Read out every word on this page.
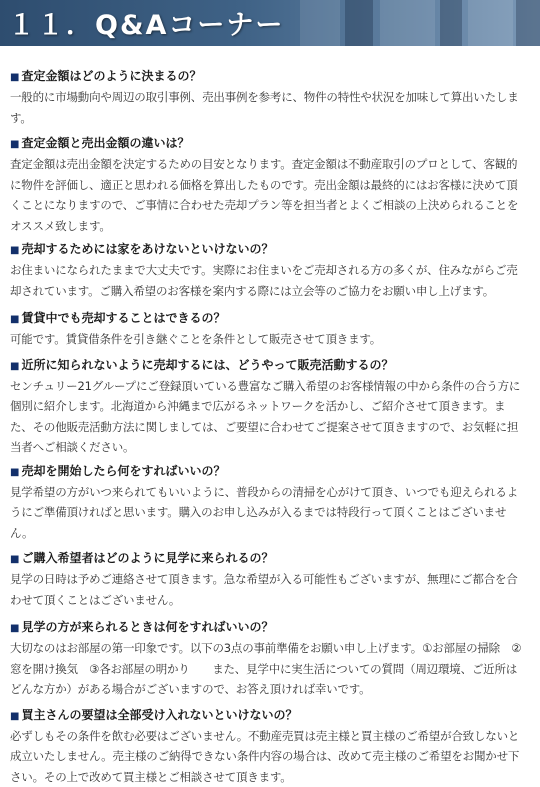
１１．Q&Aコーナー
■ 査定金額はどのように決まるの？
一般的に市場動向や周辺の取引事例、売出事例を参考に、物件の特性や状況を加味して算出いたします。
■ 査定金額と売出金額の違いは？
査定金額は売出金額を決定するための目安となります。査定金額は不動産取引のプロとして、客観的に物件を評価し、適正と思われる価格を算出したものです。売出金額は最終的にはお客様に決めて頂くことになりますので、ご事情に合わせた売却プラン等を担当者とよくご相談の上決められることをオススメ致します。
■ 売却するためには家をあけないといけないの？
お住まいになられたままで大丈夫です。実際にお住まいをご売却される方の多くが、住みながらご売却されています。ご購入希望のお客様を案内する際には立会等のご協力をお願い申し上げます。
■ 賃貸中でも売却することはできるの？
可能です。賃貸借条件を引き継ぐことを条件として販売させて頂きます。
■ 近所に知られないように売却するには、どうやって販売活動するの？
センチュリー21グループにご登録頂いている豊富なご購入希望のお客様情報の中から条件の合う方に個別に紹介します。北海道から沖縄まで広がるネットワークを活かし、ご紹介させて頂きます。また、その他販売活動方法に関しましては、ご要望に合わせてご提案させて頂きますので、お気軽に担当者へご相談ください。
■ 売却を開始したら何をすればいいの？
見学希望の方がいつ来られてもいいように、普段からの清掃を心がけて頂き、いつでも迎えられるようにご準備頂ければと思います。購入のお申し込みが入るまでは特段行って頂くことはございません。
■ ご購入希望者はどのように見学に来られるの？
見学の日時は予めご連絡させて頂きます。急な希望が入る可能性もございますが、無理にご都合を合わせて頂くことはございません。
■ 見学の方が来られるときは何をすればいいの？
大切なのはお部屋の第一印象です。以下の3点の事前準備をお願い申し上げます。①お部屋の掃除　②窓を開け換気　③各お部屋の明かり　　また、見学中に実生活についての質問（周辺環境、ご近所はどんな方か）がある場合がございますので、お答え頂ければ幸いです。
■ 買主さんの要望は全部受け入れないといけないの？
必ずしもその条件を飲む必要はございません。不動産売買は売主様と買主様のご希望が合致しないと成立いたしません。売主様のご納得できない条件内容の場合は、改めて売主様のご希望をお聞かせ下さい。その上で改めて買主様とご相談させて頂きます。
